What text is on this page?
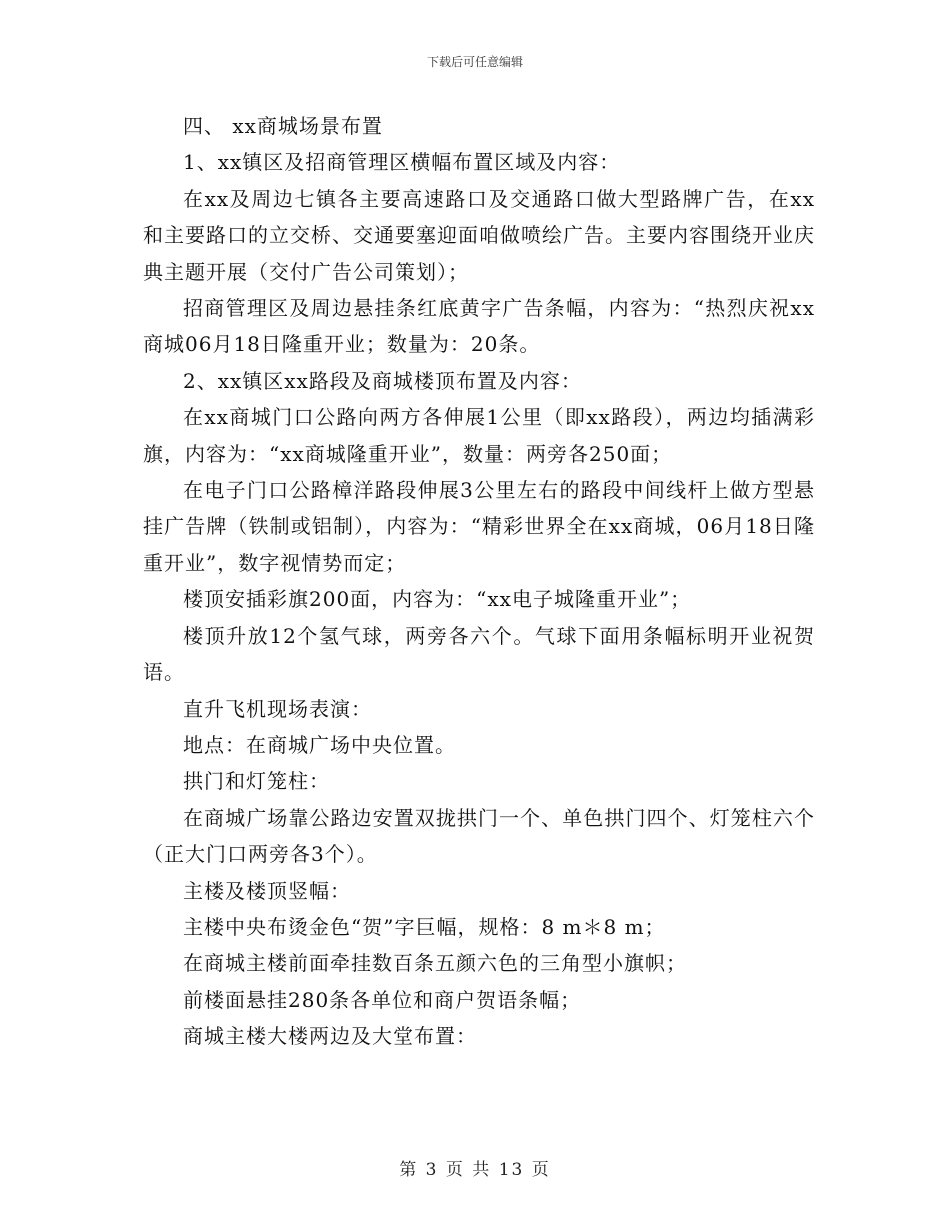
下载后可任意编辑

四、 xx商城场景布置

1、xx镇区及招商管理区横幅布置区域及内容：

在xx及周边七镇各主要高速路口及交通路口做大型路牌广告，在xx和主要路口的立交桥、交通要塞迎面咱做喷绘广告。主要内容围绕开业庆典主题开展（交付广告公司策划）；

招商管理区及周边悬挂条红底黄字广告条幅，内容为：“热烈庆祝xx商城06月18日隆重开业；数量为：20条。

2、xx镇区xx路段及商城楼顶布置及内容：

在xx商城门口公路向两方各伸展1公里（即xx路段），两边均插满彩旗，内容为：“xx商城隆重开业”，数量：两旁各250面；

在电子门口公路樟洋路段伸展3公里左右的路段中间线杆上做方型悬挂广告牌（铁制或铝制），内容为：“精彩世界全在xx商城，06月18日隆重开业”，数字视情势而定；

楼顶安插彩旗200面，内容为：“xx电子城隆重开业”；

楼顶升放12个氢气球，两旁各六个。气球下面用条幅标明开业祝贺语。

直升飞机现场表演：

地点：在商城广场中央位置。

拱门和灯笼柱：

在商城广场靠公路边安置双拢拱门一个、单色拱门四个、灯笼柱六个（正大门口两旁各3个）。

主楼及楼顶竖幅：

主楼中央布烫金色“贺”字巨幅，规格：8 m＊8 m；

在商城主楼前面牵挂数百条五颜六色的三角型小旗帜；

前楼面悬挂280条各单位和商户贺语条幅；

商城主楼大楼两边及大堂布置：

第 3 页 共 13 页
